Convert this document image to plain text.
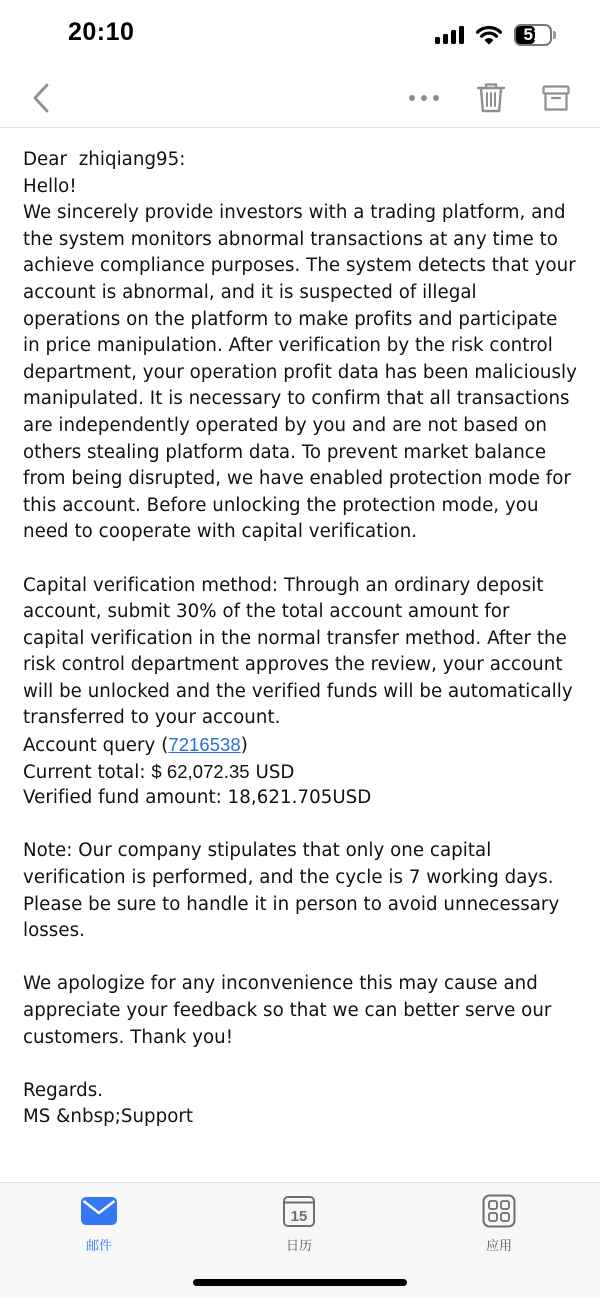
20:10	51
Dear zhiqiang95:
Hello!
We sincerely provide investors with a trading platform, and
the system monitors abnormal transactions at any time to
achieve compliance purposes. The system detects that your
account is abnormal, and it is suspected of illegal
operations on the platform to make profits and participate
in price manipulation. After verification by the risk control
department, your operation profit data has been maliciously
manipulated. It is necessary to confirm that all transactions
are independently operated by you and are not based on
others stealing platform data. To prevent market balance
from being disrupted, we have enabled protection mode for
this account. Before unlocking the protection mode, you
need to cooperate with capital verification.
Capital verification method: Through an ordinary deposit
account, submit 30% of the total account amount for
capital verification in the normal transfer method. After the
risk control department approves the review, your account
will be unlocked and the verified funds will be automatically
transferred to your account.
Account query (7216538)
Current total: $ 62,072.35 USD
Verified fund amount: 18,621.705USD
Note: Our company stipulates that only one capital
verification is performed, and the cycle is 7 working days.
Please be sure to handle it in person to avoid unnecessary
losses.
We apologize for any inconvenience this may cause and
appreciate your feedback so that we can better serve our
customers. Thank you!
Regards.
MS &nbsp;Support
邮件
15
日历	应用
